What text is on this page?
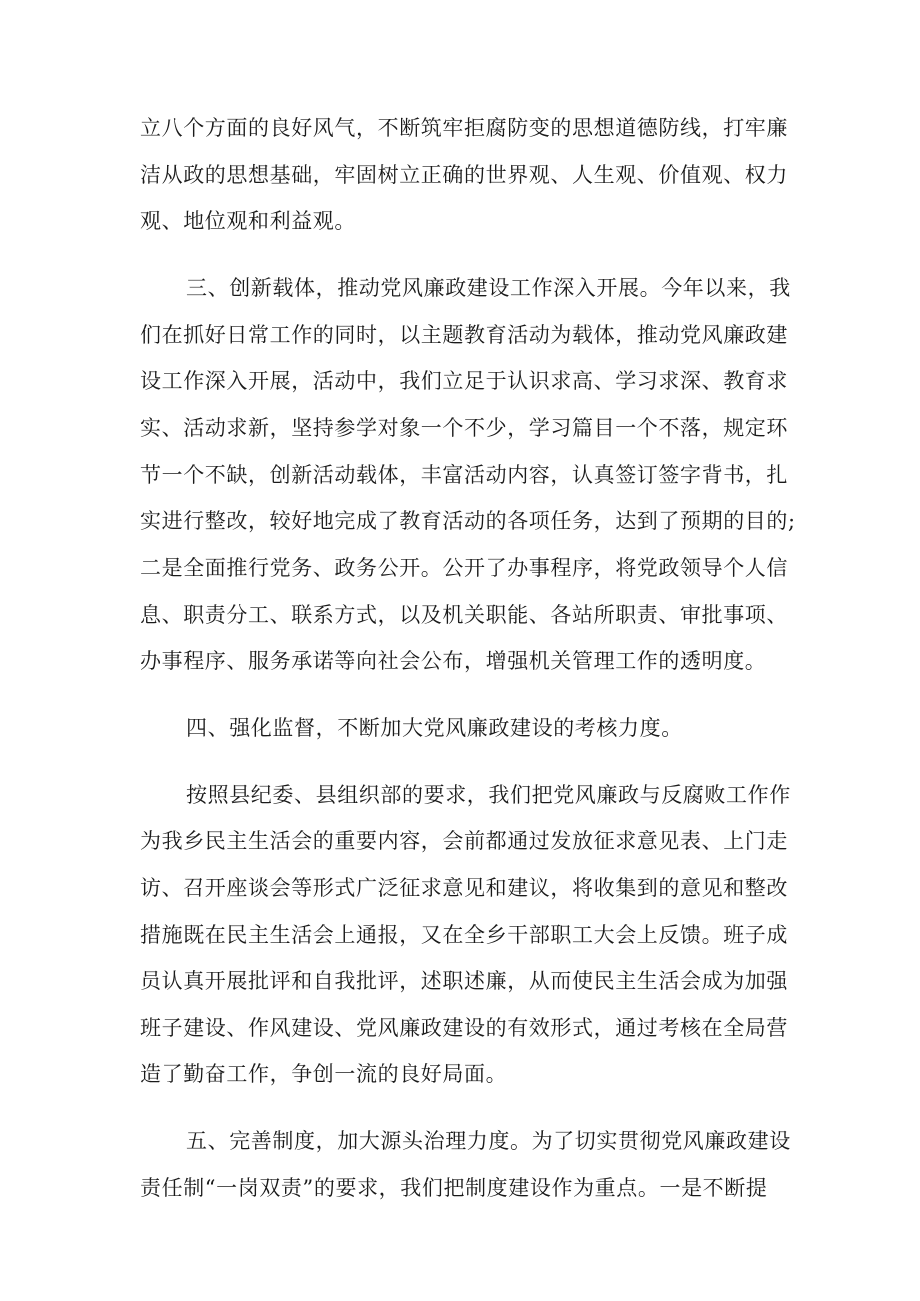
立八个方面的良好风气，不断筑牢拒腐防变的思想道德防线，打牢廉
洁从政的思想基础，牢固树立正确的世界观、人生观、价值观、权力
观、地位观和利益观。
三、创新载体，推动党风廉政建设工作深入开展。今年以来，我
们在抓好日常工作的同时，以主题教育活动为载体，推动党风廉政建
设工作深入开展，活动中，我们立足于认识求高、学习求深、教育求
实、活动求新，坚持参学对象一个不少，学习篇目一个不落，规定环
节一个不缺，创新活动载体，丰富活动内容，认真签订签字背书，扎
实进行整改，较好地完成了教育活动的各项任务，达到了预期的目的;
二是全面推行党务、政务公开。公开了办事程序，将党政领导个人信
息、职责分工、联系方式，以及机关职能、各站所职责、审批事项、
办事程序、服务承诺等向社会公布，增强机关管理工作的透明度。
四、强化监督，不断加大党风廉政建设的考核力度。
按照县纪委、县组织部的要求，我们把党风廉政与反腐败工作作
为我乡民主生活会的重要内容，会前都通过发放征求意见表、上门走
访、召开座谈会等形式广泛征求意见和建议，将收集到的意见和整改
措施既在民主生活会上通报，又在全乡干部职工大会上反馈。班子成
员认真开展批评和自我批评，述职述廉，从而使民主生活会成为加强
班子建设、作风建设、党风廉政建设的有效形式，通过考核在全局营
造了勤奋工作，争创一流的良好局面。
五、完善制度，加大源头治理力度。为了切实贯彻党风廉政建设
责任制“一岗双责”的要求，我们把制度建设作为重点。一是不断提
